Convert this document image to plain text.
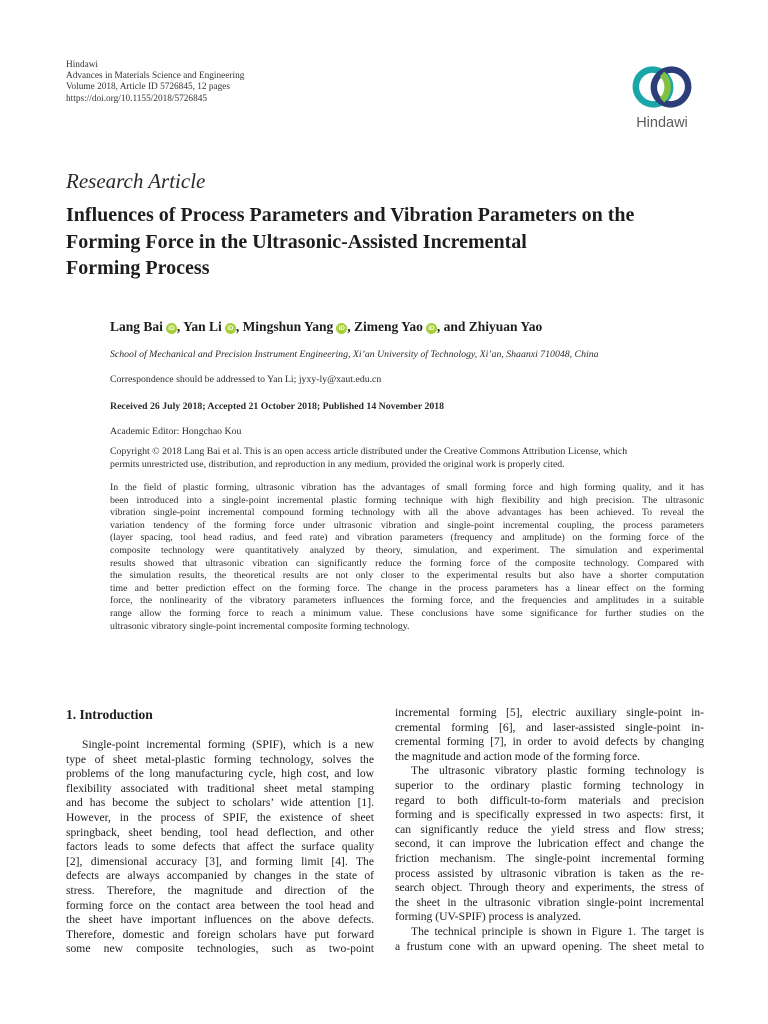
Hindawi
Advances in Materials Science and Engineering
Volume 2018, Article ID 5726845, 12 pages
https://doi.org/10.1155/2018/5726845
Hindawi
Research Article
Influences of Process Parameters and Vibration Parameters on the
Forming Force in the Ultrasonic-Assisted Incremental
Forming Process
Lang Bai iD , Yan Li iD , Mingshun Yang iD , Zimeng Yao iD , and Zhiyuan Yao
School of Mechanical and Precision Instrument Engineering, Xi’an University of Technology, Xi’an, Shaanxi 710048, China
Correspondence should be addressed to Yan Li; jyxy-ly@xaut.edu.cn
Received 26 July 2018; Accepted 21 October 2018; Published 14 November 2018
Academic Editor: Hongchao Kou
Copyright © 2018 Lang Bai et al. This is an open access article distributed under the Creative Commons Attribution License, which
permits unrestricted use, distribution, and reproduction in any medium, provided the original work is properly cited.
In the field of plastic forming, ultrasonic vibration has the advantages of small forming force and high forming quality, and it has
been introduced into a single-point incremental plastic forming technique with high flexibility and high precision. The ultrasonic
vibration single-point incremental compound forming technology with all the above advantages has been achieved. To reveal the
variation tendency of the forming force under ultrasonic vibration and single-point incremental coupling, the process parameters
(layer spacing, tool head radius, and feed rate) and vibration parameters (frequency and amplitude) on the forming force of the
composite technology were quantitatively analyzed by theory, simulation, and experiment. The simulation and experimental
results showed that ultrasonic vibration can significantly reduce the forming force of the composite technology. Compared with
the simulation results, the theoretical results are not only closer to the experimental results but also have a shorter computation
time and better prediction effect on the forming force. The change in the process parameters has a linear effect on the forming
force, the nonlinearity of the vibratory parameters influences the forming force, and the frequencies and amplitudes in a suitable
range allow the forming force to reach a minimum value. These conclusions have some significance for further studies on the
ultrasonic vibratory single-point incremental composite forming technology.
1. Introduction
Single-point incremental forming (SPIF), which is a new
type of sheet metal-plastic forming technology, solves the
problems of the long manufacturing cycle, high cost, and low
flexibility associated with traditional sheet metal stamping
and has become the subject to scholars’ wide attention [1].
However, in the process of SPIF, the existence of sheet
springback, sheet bending, tool head deflection, and other
factors leads to some defects that affect the surface quality
[2], dimensional accuracy [3], and forming limit [4]. The
defects are always accompanied by changes in the state of
stress. Therefore, the magnitude and direction of the
forming force on the contact area between the tool head and
the sheet have important influences on the above defects.
Therefore, domestic and foreign scholars have put forward
some new composite technologies, such as two-point
incremental forming [5], electric auxiliary single-point in-
cremental forming [6], and laser-assisted single-point in-
cremental forming [7], in order to avoid defects by changing
the magnitude and action mode of the forming force.
The ultrasonic vibratory plastic forming technology is
superior to the ordinary plastic forming technology in
regard to both difficult-to-form materials and precision
forming and is specifically expressed in two aspects: first, it
can significantly reduce the yield stress and flow stress;
second, it can improve the lubrication effect and change the
friction mechanism. The single-point incremental forming
process assisted by ultrasonic vibration is taken as the re-
search object. Through theory and experiments, the stress of
the sheet in the ultrasonic vibration single-point incremental
forming (UV-SPIF) process is analyzed.
The technical principle is shown in Figure 1. The target is
a frustum cone with an upward opening. The sheet metal to
